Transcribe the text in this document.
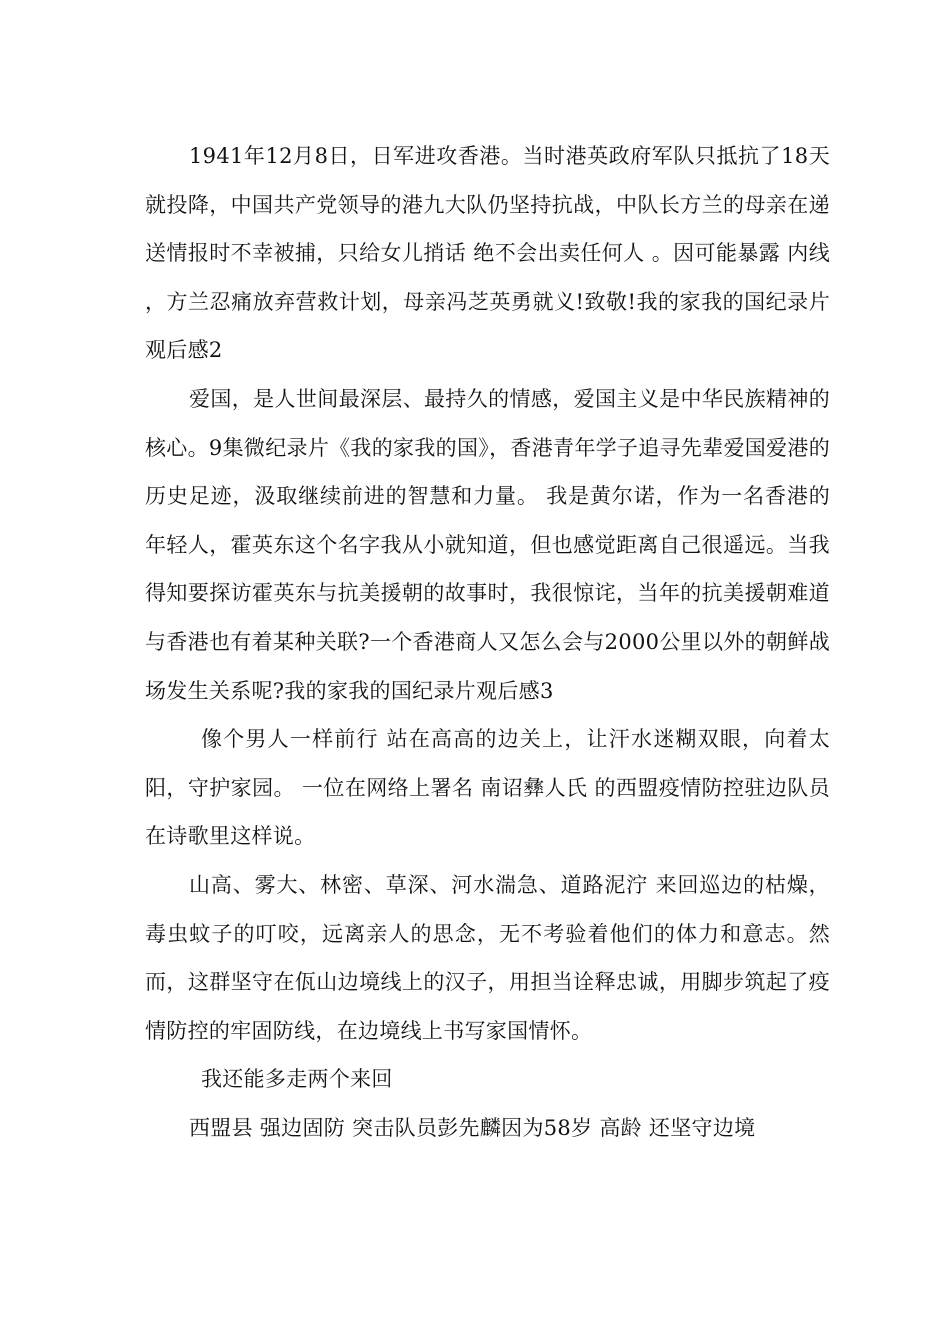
1941年12月8日，日军进攻香港。当时港英政府军队只抵抗了18天就投降，中国共产党领导的港九大队仍坚持抗战，中队长方兰的母亲在递送情报时不幸被捕，只给女儿捎话 绝不会出卖任何人 。因可能暴露 内线 ，方兰忍痛放弃营救计划，母亲冯芝英勇就义!致敬!我的家我的国纪录片观后感2

爱国，是人世间最深层、最持久的情感，爱国主义是中华民族精神的核心。9集微纪录片《我的家我的国》，香港青年学子追寻先辈爱国爱港的历史足迹，汲取继续前进的智慧和力量。 我是黄尔诺，作为一名香港的年轻人，霍英东这个名字我从小就知道，但也感觉距离自己很遥远。当我得知要探访霍英东与抗美援朝的故事时，我很惊诧，当年的抗美援朝难道与香港也有着某种关联?一个香港商人又怎么会与2000公里以外的朝鲜战场发生关系呢?我的家我的国纪录片观后感3

像个男人一样前行 站在高高的边关上，让汗水迷糊双眼，向着太阳，守护家园。 一位在网络上署名 南诏彝人氏 的西盟疫情防控驻边队员在诗歌里这样说。

山高、雾大、林密、草深、河水湍急、道路泥泞 来回巡边的枯燥，毒虫蚊子的叮咬，远离亲人的思念，无不考验着他们的体力和意志。然而，这群坚守在佤山边境线上的汉子，用担当诠释忠诚，用脚步筑起了疫情防控的牢固防线，在边境线上书写家国情怀。

我还能多走两个来回

西盟县 强边固防 突击队员彭先麟因为58岁 高龄 还坚守边境
